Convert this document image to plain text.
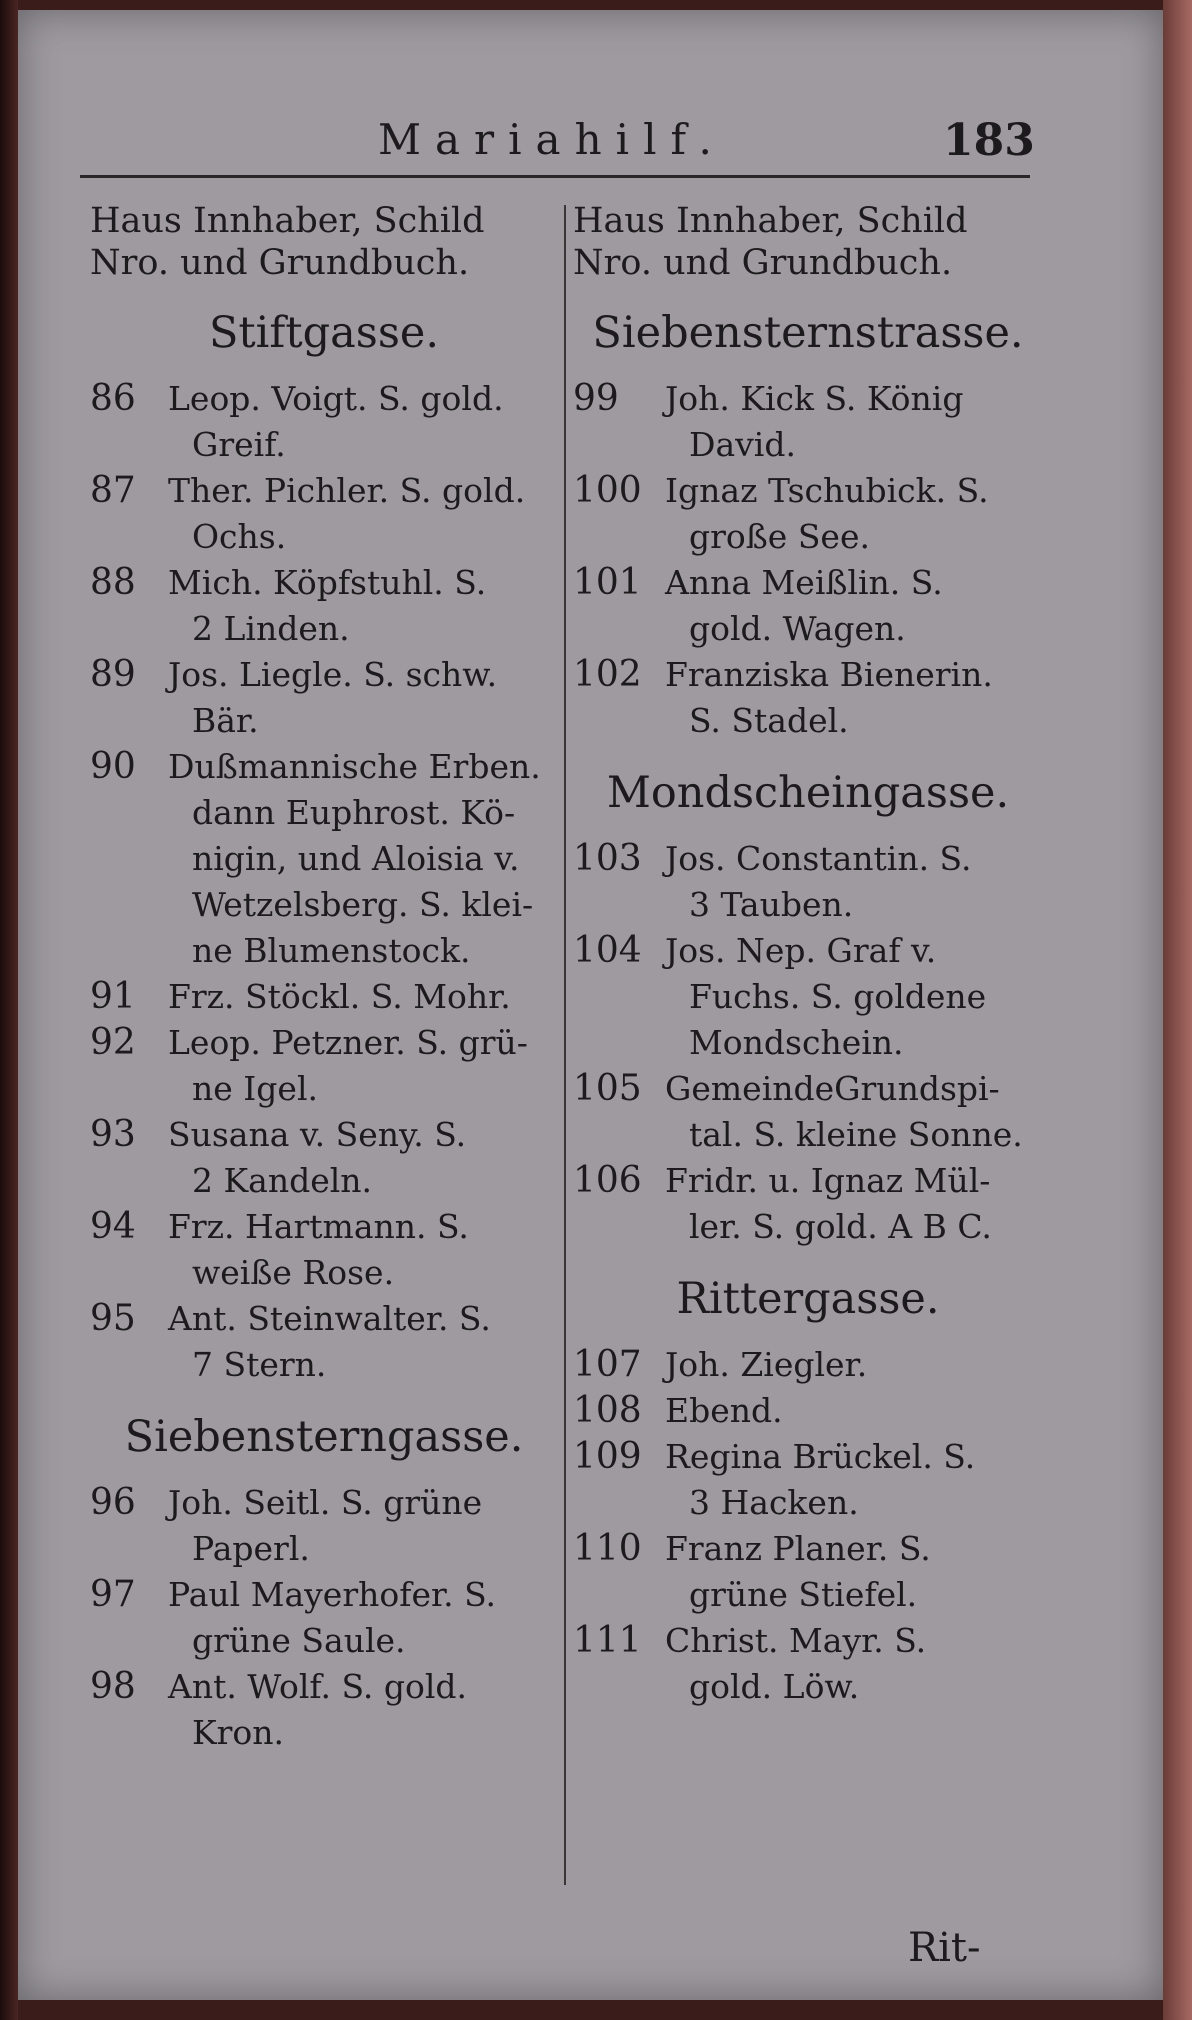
Mariahilf.	183
Haus Innhaber, Schild
Nro. und Grundbuch.
Stiftgasse.
86 Leop. Voigt. S. gold.
Greif.
87 Ther. Pichler. S. gold.
Ochs.
88 Mich. Köpfstuhl. S.
2 Linden.
89 Jos. Liegle. S. schw.
Bär.
90 Dußmannische Erben.
dann Euphrost. Kö-
nigin, und Aloisia v.
Wetzelsberg. S. klei-
ne Blumenstock.
91 Frz. Stöckl. S. Mohr.
92 Leop. Petzner. S. grü-
ne Igel.
93 Susana v. Seny. S.
2 Kandeln.
94 Frz. Hartmann. S.
weiße Rose.
95 Ant. Steinwalter. S.
7 Stern.
Siebensterngasse.
96 Joh. Seitl. S. grüne
Paperl.
97 Paul Mayerhofer. S.
grüne Saule.
98 Ant. Wolf. S. gold.
Kron.
Haus Innhaber, Schild
Nro. und Grundbuch.
Siebensternstrasse.
99	Joh. Kick S. König
David.
100 Ignaz Tschubick. S.
große See.
101 Anna Meißlin. S.
gold. Wagen.
102 Franziska Bienerin.
S. Stadel.
Mondscheingasse.
103 Jos. Constantin. S.
3 Tauben.
104 Jos. Nep. Graf v.
Fuchs. S. goldene
Mondschein.
105 GemeindeGrundspi-
tal. S. kleine Sonne.
106 Fridr. u. Ignaz Mül-
ler. S. gold. A B C.
Rittergasse.
107 Joh. Ziegler.
108 Ebend.
109 Regina Brückel. S.
3 Hacken.
110 Franz Planer. S.
grüne Stiefel.
111 Christ. Mayr. S.
gold. Löw.
Rit-
